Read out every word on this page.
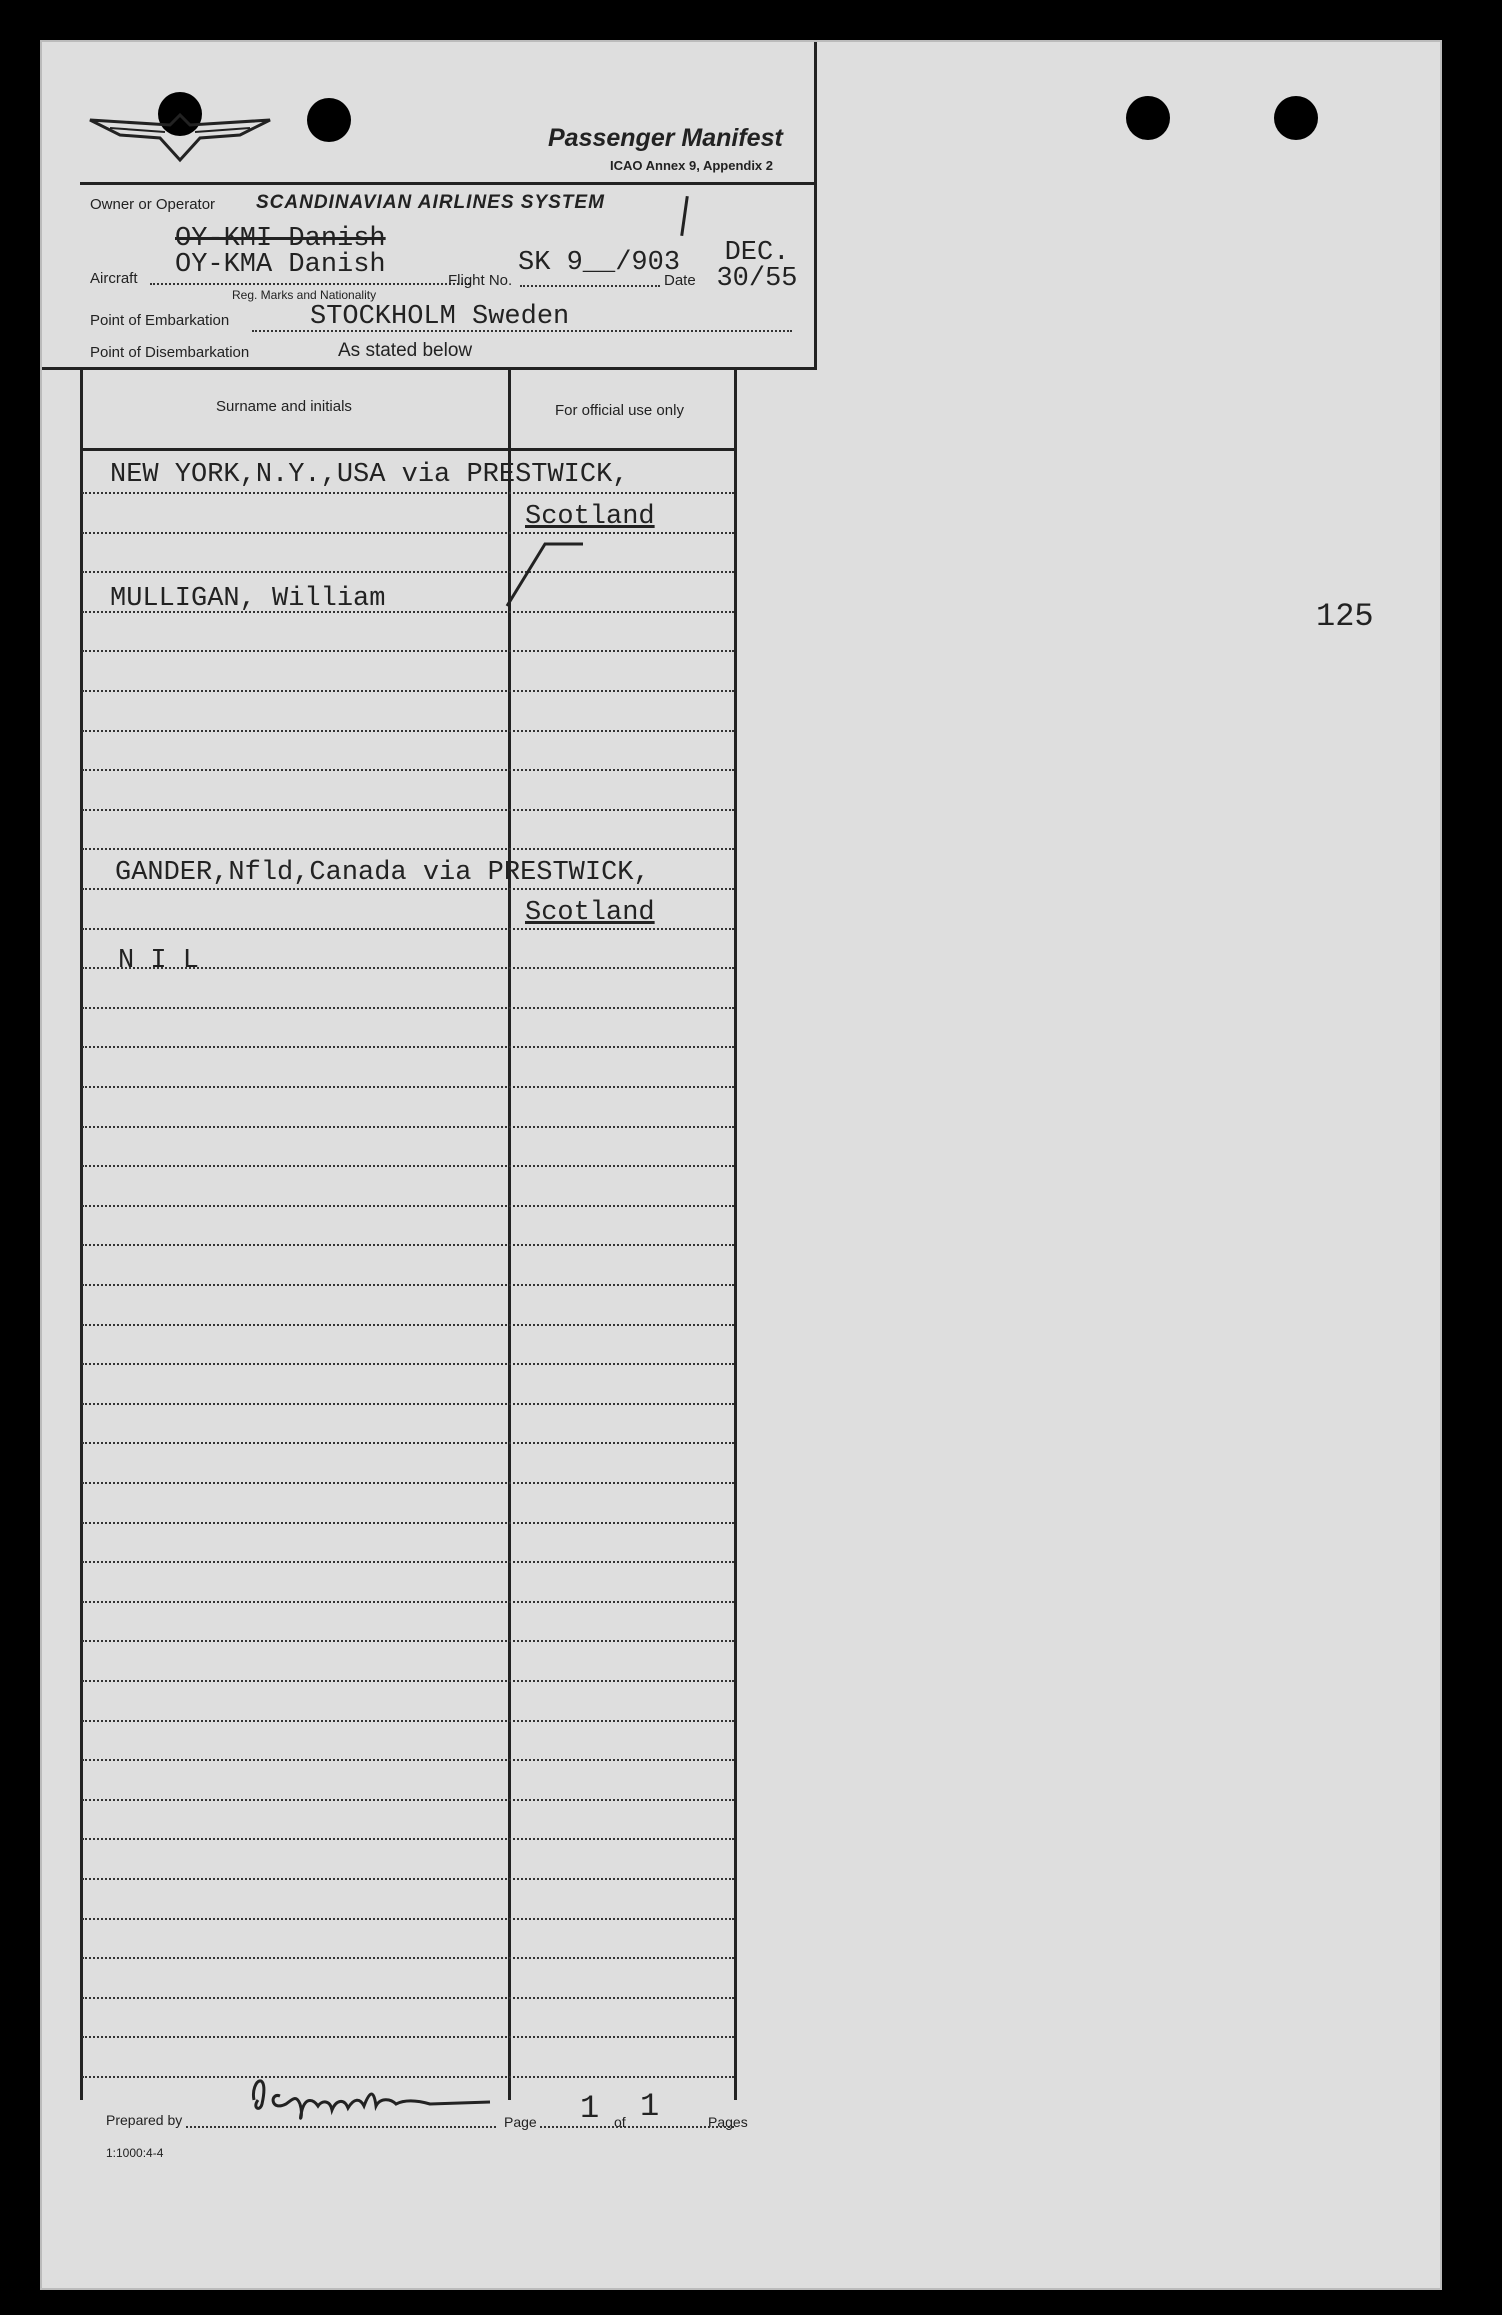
Passenger Manifest
ICAO Annex 9, Appendix 2
Owner or Operator SCANDINAVIAN AIRLINES SYSTEM
OY-KMI Danish
Aircraft OY-KMA Danish
Reg. Marks and Nationality
Flight No.
SK 9__/903
Date
DEC. 30/55
Point of Embarkation	STOCKHOLM Sweden
Point of Disembarkation	As stated below
Surname and initials	For official use only
NEW YORK,N.Y.,USA via PRESTWICK,
Scotland
MULLIGAN, William
GANDER,Nfld,Canada via PRESTWICK,
Scotland
N I L
125
Prepared by	Page 1 of 1	Pages
1:1000:4-4
